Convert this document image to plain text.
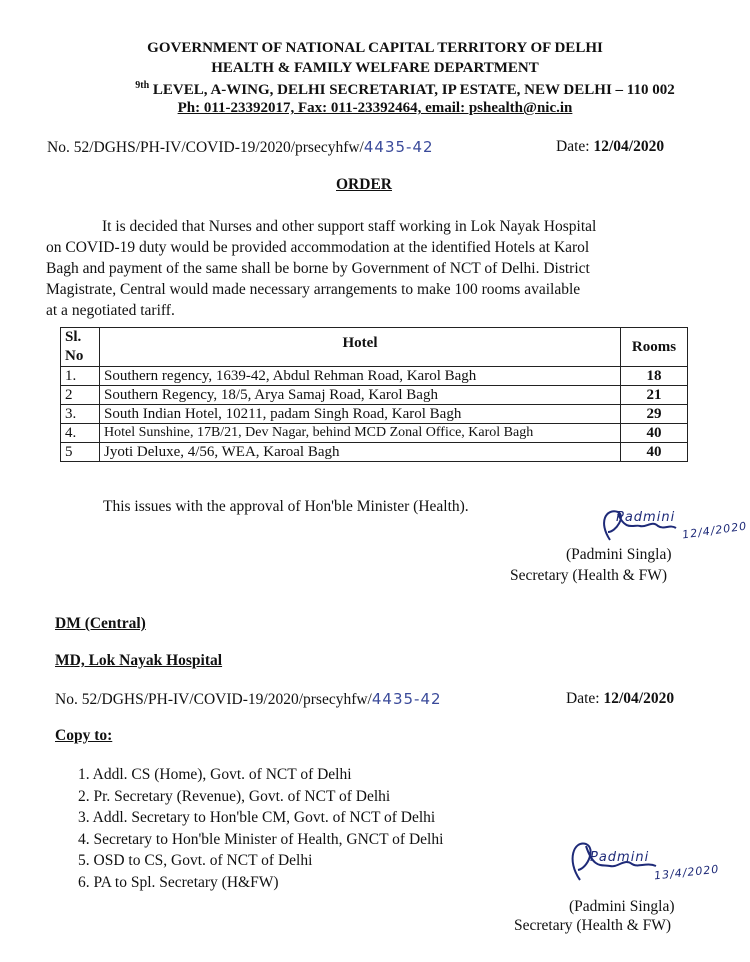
GOVERNMENT OF NATIONAL CAPITAL TERRITORY OF DELHI
HEALTH & FAMILY WELFARE DEPARTMENT
$^{9th}$ LEVEL, A-WING, DELHI SECRETARIAT, IP ESTATE, NEW DELHI – 110 002
Ph: 011-23392017, Fax: 011-23392464, email: pshealth@nic.in
No. 52/DGHS/PH-IV/COVID-19/2020/prsecyhfw/4435-42	Date: 12/04/2020
ORDER
It is decided that Nurses and other support staff working in Lok Nayak Hospital
on COVID-19 duty would be provided accommodation at the identified Hotels at Karol
Bagh and payment of the same shall be borne by Government of NCT of Delhi. District
Magistrate, Central would made necessary arrangements to make 100 rooms available
at a negotiated tariff.
Sl.
No	Hotel	Rooms
1.	Southern regency, 1639-42, Abdul Rehman Road, Karol Bagh	18
2	Southern Regency, 18/5, Arya Samaj Road, Karol Bagh	21
3.	South Indian Hotel, 10211, padam Singh Road, Karol Bagh	29
4.	Hotel Sunshine, 17B/21, Dev Nagar, behind MCD Zonal Office, Karol Bagh	40
5	Jyoti Deluxe, 4/56, WEA, Karoal Bagh	40
This issues with the approval of Hon'ble Minister (Health).
Padmini
12/4/2020
(Padmini Singla)
Secretary (Health & FW)
DM (Central)
MD, Lok Nayak Hospital
No. 52/DGHS/PH-IV/COVID-19/2020/prsecyhfw/4435-42	Date: 12/04/2020
Copy to:
1. Addl. CS (Home), Govt. of NCT of Delhi
2. Pr. Secretary (Revenue), Govt. of NCT of Delhi
3. Addl. Secretary to Hon'ble CM, Govt. of NCT of Delhi
4. Secretary to Hon'ble Minister of Health, GNCT of Delhi
5. OSD to CS, Govt. of NCT of Delhi
6. PA to Spl. Secretary (H&FW)
Padmini
13/4/2020
(Padmini Singla)
Secretary (Health & FW)
